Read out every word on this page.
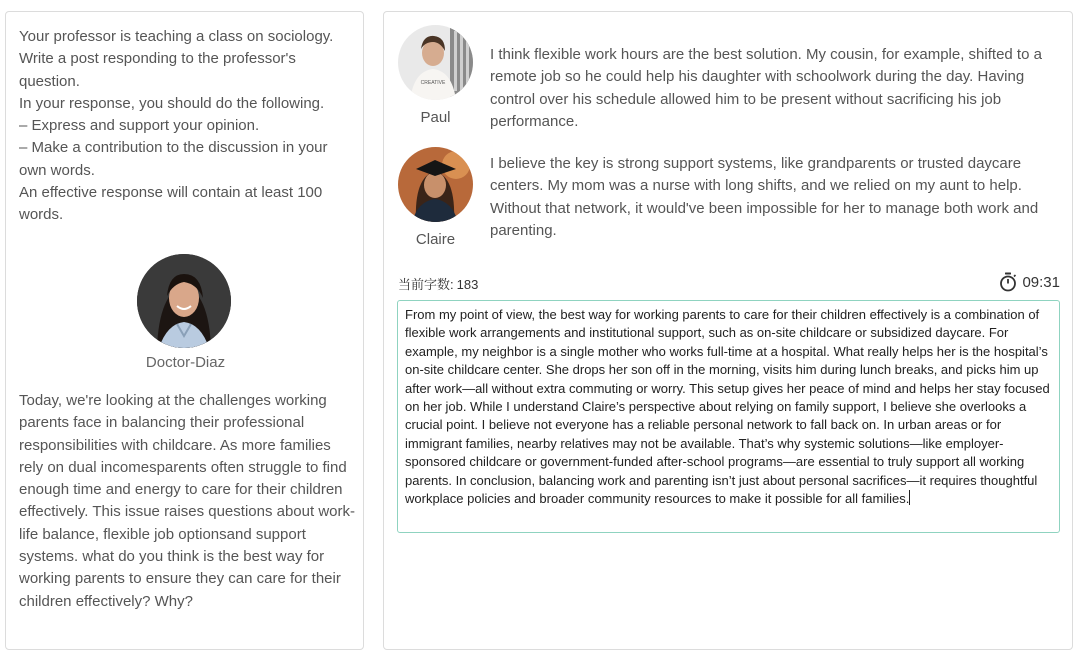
Your professor is teaching a class on sociology. Write a post responding to the professor's question.

In your response, you should do the following.

– Express and support your opinion.

– Make a contribution to the discussion in your own words.

An effective response will contain at least 100 words.

Doctor-Diaz
Today, we're looking at the challenges working parents face in balancing their professional responsibilities with childcare. As more families rely on dual incomesparents often struggle to find enough time and energy to care for their children effectively. This issue raises questions about work-life balance, flexible job optionsand support systems. what do you think is the best way for working parents to ensure they can care for their children effectively? Why?
CREATIVE
Paul
I think flexible work hours are the best solution. My cousin, for example, shifted to a remote job so he could help his daughter with schoolwork during the day. Having control over his schedule allowed him to be present without sacrificing his job performance.
Claire
I believe the key is strong support systems, like grandparents or trusted daycare centers. My mom was a nurse with long shifts, and we relied on my aunt to help. Without that network, it would've been impossible for her to manage both work and parenting.
当前字数: 183	09:31
From my point of view, the best way for working parents to care for their children effectively is a combination of flexible work arrangements and institutional support, such as on-site childcare or subsidized daycare. For example, my neighbor is a single mother who works full-time at a hospital. What really helps her is the hospital’s on-site childcare center. She drops her son off in the morning, visits him during lunch breaks, and picks him up after work—all without extra commuting or worry. This setup gives her peace of mind and helps her stay focused on her job. While I understand Claire’s perspective about relying on family support, I believe she overlooks a crucial point. I believe not everyone has a reliable personal network to fall back on. In urban areas or for immigrant families, nearby relatives may not be available. That’s why systemic solutions—like employer-sponsored childcare or government-funded after-school programs—are essential to truly support all working parents. In conclusion, balancing work and parenting isn’t just about personal sacrifices—it requires thoughtful workplace policies and broader community resources to make it possible for all families.
